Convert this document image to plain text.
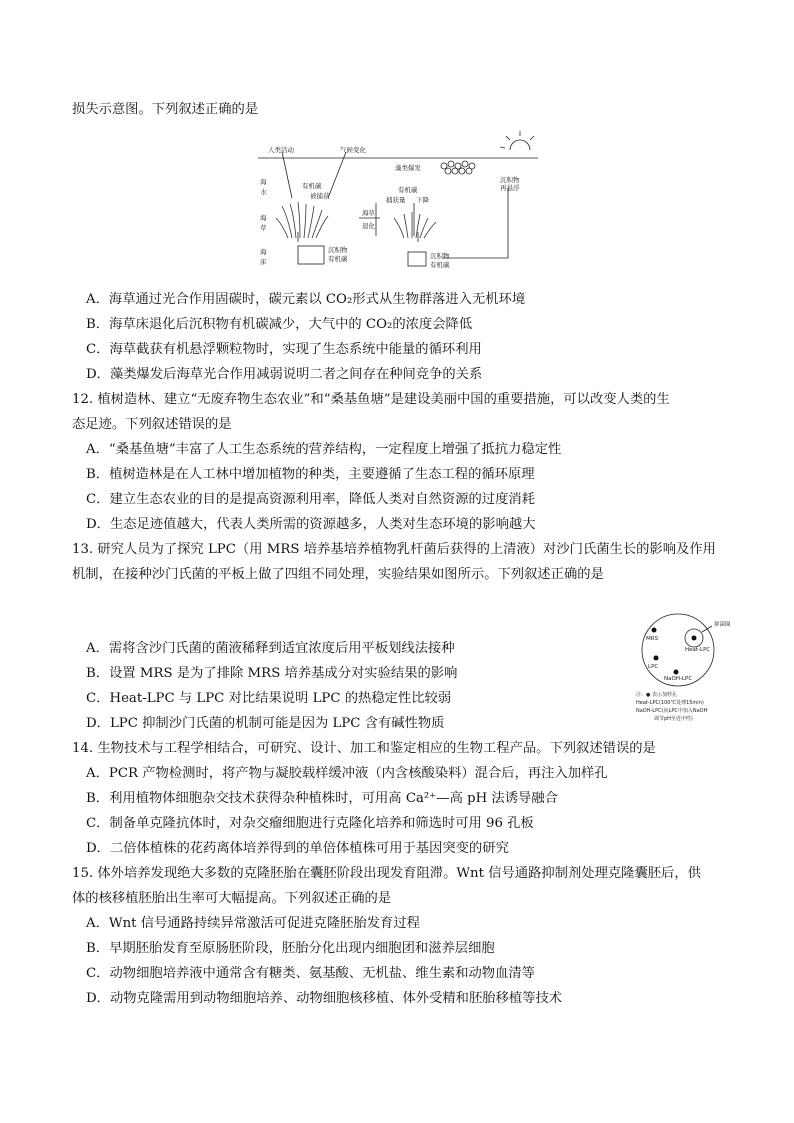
损失示意图。下列叙述正确的是
人类活动	气候变化
藻类爆发
海
水
海
草
海
床
有机碳
被捕获
有机碳
捕获量 下降
海草
退化
沉积物
再悬浮
沉积物
有机碳	沉积物
有机碳
A．海草通过光合作用固碳时，碳元素以 CO₂形式从生物群落进入无机环境
B．海草床退化后沉积物有机碳减少，大气中的 CO₂的浓度会降低
C．海草截获有机悬浮颗粒物时，实现了生态系统中能量的循环利用
D．藻类爆发后海草光合作用减弱说明二者之间存在种间竞争的关系
12. 植树造林、建立“无废弃物生态农业”和“桑基鱼塘”是建设美丽中国的重要措施，可以改变人类的生
态足迹。下列叙述错误的是
A．“桑基鱼塘”丰富了人工生态系统的营养结构，一定程度上增强了抵抗力稳定性
B．植树造林是在人工林中增加植物的种类，主要遵循了生态工程的循环原理
C．建立生态农业的目的是提高资源利用率，降低人类对自然资源的过度消耗
D．生态足迹值越大，代表人类所需的资源越多，人类对生态环境的影响越大
13. 研究人员为了探究 LPC（用 MRS 培养基培养植物乳杆菌后获得的上清液）对沙门氏菌生长的影响及作用
机制，在接种沙门氏菌的平板上做了四组不同处理，实验结果如图所示。下列叙述正确的是
A．需将含沙门氏菌的菌液稀释到适宜浓度后用平板划线法接种
B．设置 MRS 是为了排除 MRS 培养基成分对实验结果的影响
C．Heat-LPC 与 LPC 对比结果说明 LPC 的热稳定性比较弱
D．LPC 抑制沙门氏菌的机制可能是因为 LPC 含有碱性物质
抑菌圈
MRS
Heat-LPC
LPC
NaOH-LPC
注：● 表示加样孔
Heat-LPC(100℃处理15min)
NaOH-LPC(向LPC中加入NaOH
调节pH至近中性)
14. 生物技术与工程学相结合，可研究、设计、加工和鉴定相应的生物工程产品。下列叙述错误的是
A．PCR 产物检测时，将产物与凝胶载样缓冲液（内含核酸染料）混合后，再注入加样孔
B．利用植物体细胞杂交技术获得杂种植株时，可用高 Ca²⁺—高 pH 法诱导融合
C．制备单克隆抗体时，对杂交瘤细胞进行克隆化培养和筛选时可用 96 孔板
D．二倍体植株的花药离体培养得到的单倍体植株可用于基因突变的研究
15. 体外培养发现绝大多数的克隆胚胎在囊胚阶段出现发育阻滞。Wnt 信号通路抑制剂处理克隆囊胚后，供
体的核移植胚胎出生率可大幅提高。下列叙述正确的是
A．Wnt 信号通路持续异常激活可促进克隆胚胎发育过程
B．早期胚胎发育至原肠胚阶段，胚胎分化出现内细胞团和滋养层细胞
C．动物细胞培养液中通常含有糖类、氨基酸、无机盐、维生素和动物血清等
D．动物克隆需用到动物细胞培养、动物细胞核移植、体外受精和胚胎移植等技术
